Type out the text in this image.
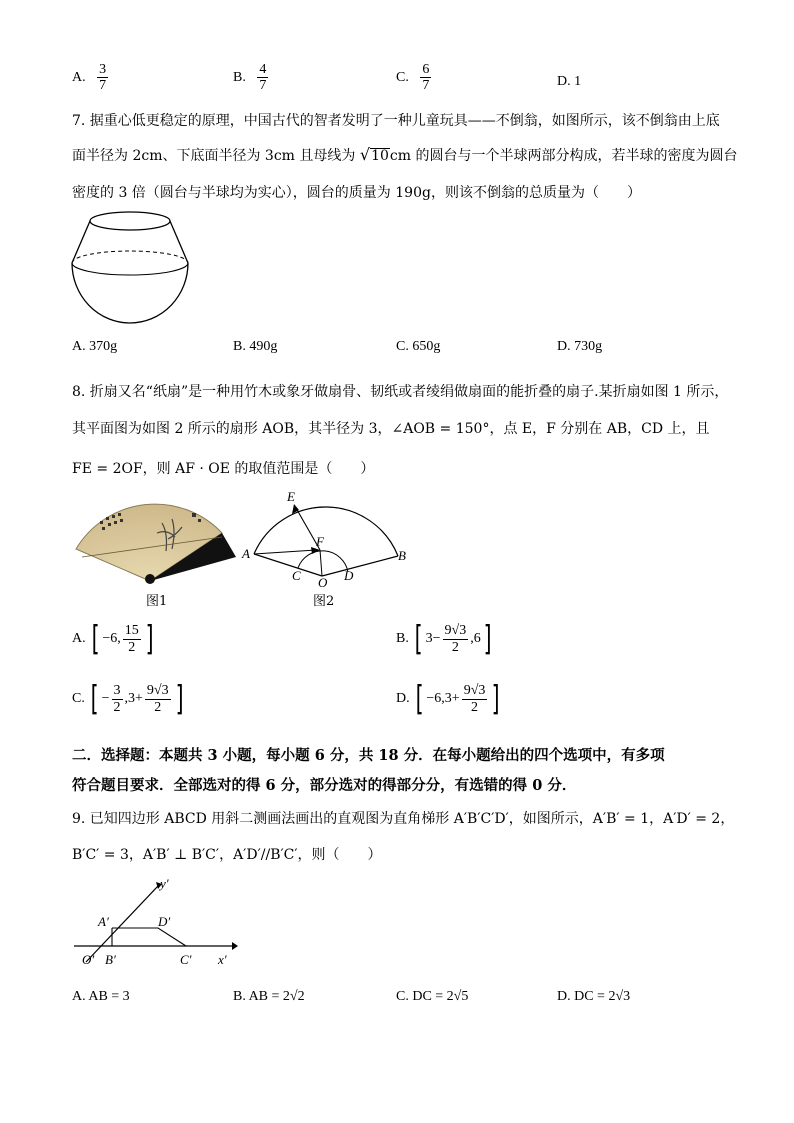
A. $\frac{3}{7}$	B. $\frac{4}{7}$	C. $\frac{6}{7}$	D. 1
7. 据重心低更稳定的原理，中国古代的智者发明了一种儿童玩具——不倒翁，如图所示，该不倒翁由上底
面半径为 2cm、下底面半径为 3cm 且母线为 √10cm 的圆台与一个半球两部分构成，若半球的密度为圆台
密度的 3 倍（圆台与半球均为实心），圆台的质量为 190g，则该不倒翁的总质量为（　　）
A. 370g	B. 490g	C. 650g	D. 730g
8. 折扇又名“纸扇”是一种用竹木或象牙做扇骨、韧纸或者绫绢做扇面的能折叠的扇子.某折扇如图 1 所示，
其平面图为如图 2 所示的扇形 AOB，其半径为 3，∠AOB = 150°，点 E，F 分别在 AB，CD 上，且
FE = 2OF，则 AF · OE 的取值范围是（　　）
图1
E
A
F
C O D
B
图2
A. [ −6, $\frac{15}{2}$ ]	B. [ $3- \frac{9√3}{2} ,6$]
C. [ − $\frac{3}{2} ,3+ \frac{9√3}{2}$ ]	D. [ $-6,3+ \frac{9√3}{2}$ ]
二．选择题：本题共 3 小题，每小题 6 分，共 18 分．在每小题给出的四个选项中，有多项
符合题目要求．全部选对的得 6 分，部分选对的得部分分，有选错的得 0 分．
9. 已知四边形 ABCD 用斜二测画法画出的直观图为直角梯形 A′B′C′D′，如图所示，A′B′ = 1，A′D′ = 2，
B′C′ = 3，A′B′ ⊥ B′C′，A′D′//B′C′，则（　　）
y′
A′	D′
O′ B′	C′ x′
A. AB = 3	B. AB = 2√2	C. DC = 2√5	D. DC = 2√3
